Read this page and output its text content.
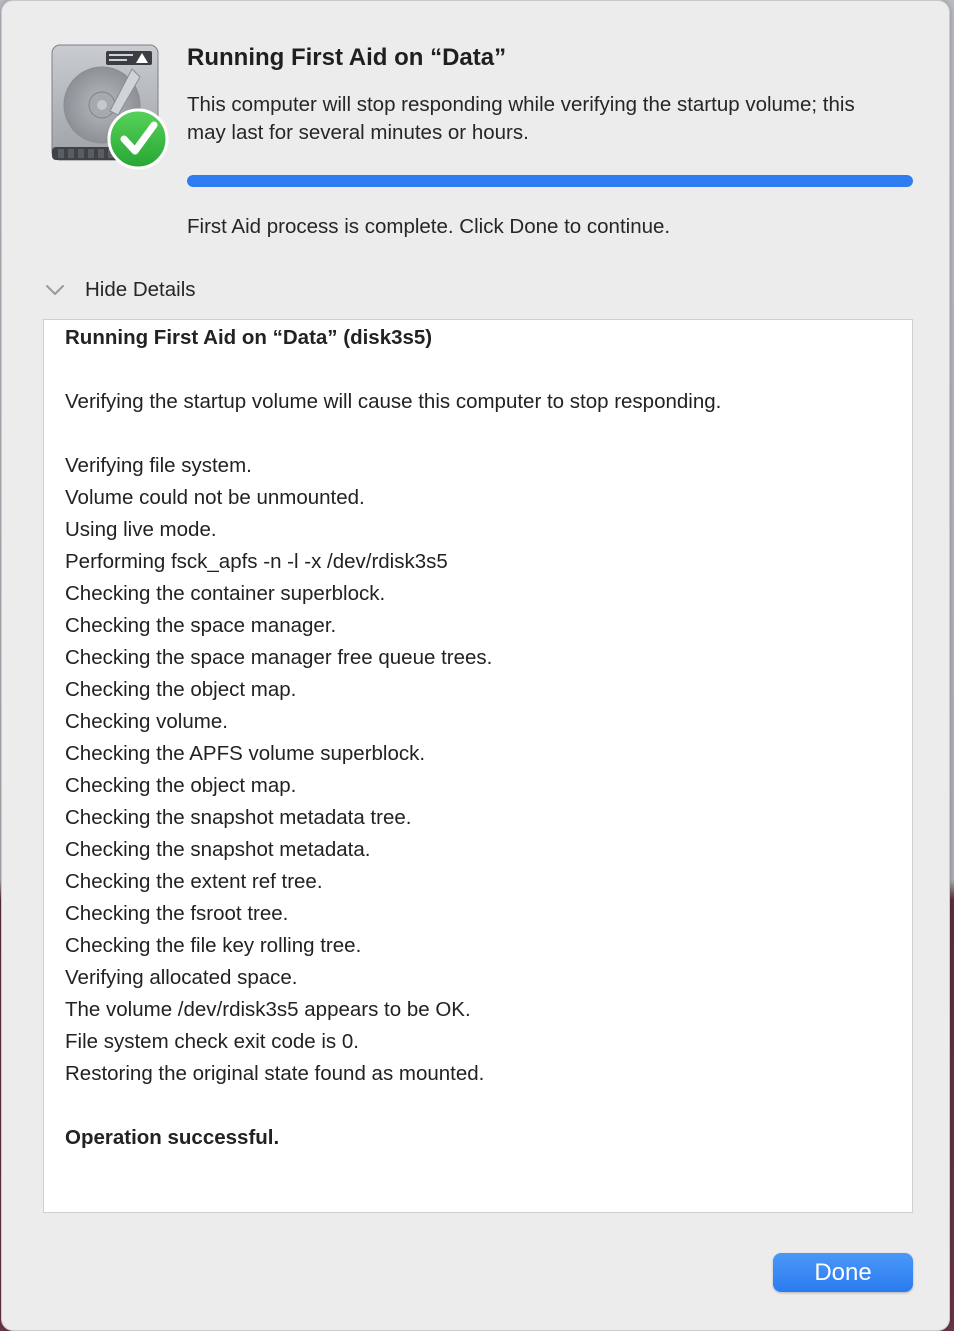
Running First Aid on “Data”

This computer will stop responding while verifying the startup volume; this may last for several minutes or hours.

First Aid process is complete. Click Done to continue.

Hide Details
Running First Aid on “Data” (disk3s5)
Verifying the startup volume will cause this computer to stop responding.
Verifying file system.
Volume could not be unmounted.
Using live mode.
Performing fsck_apfs -n -l -x /dev/rdisk3s5
Checking the container superblock.
Checking the space manager.
Checking the space manager free queue trees.
Checking the object map.
Checking volume.
Checking the APFS volume superblock.
Checking the object map.
Checking the snapshot metadata tree.
Checking the snapshot metadata.
Checking the extent ref tree.
Checking the fsroot tree.
Checking the file key rolling tree.
Verifying allocated space.
The volume /dev/rdisk3s5 appears to be OK.
File system check exit code is 0.
Restoring the original state found as mounted.
Operation successful.
Done
